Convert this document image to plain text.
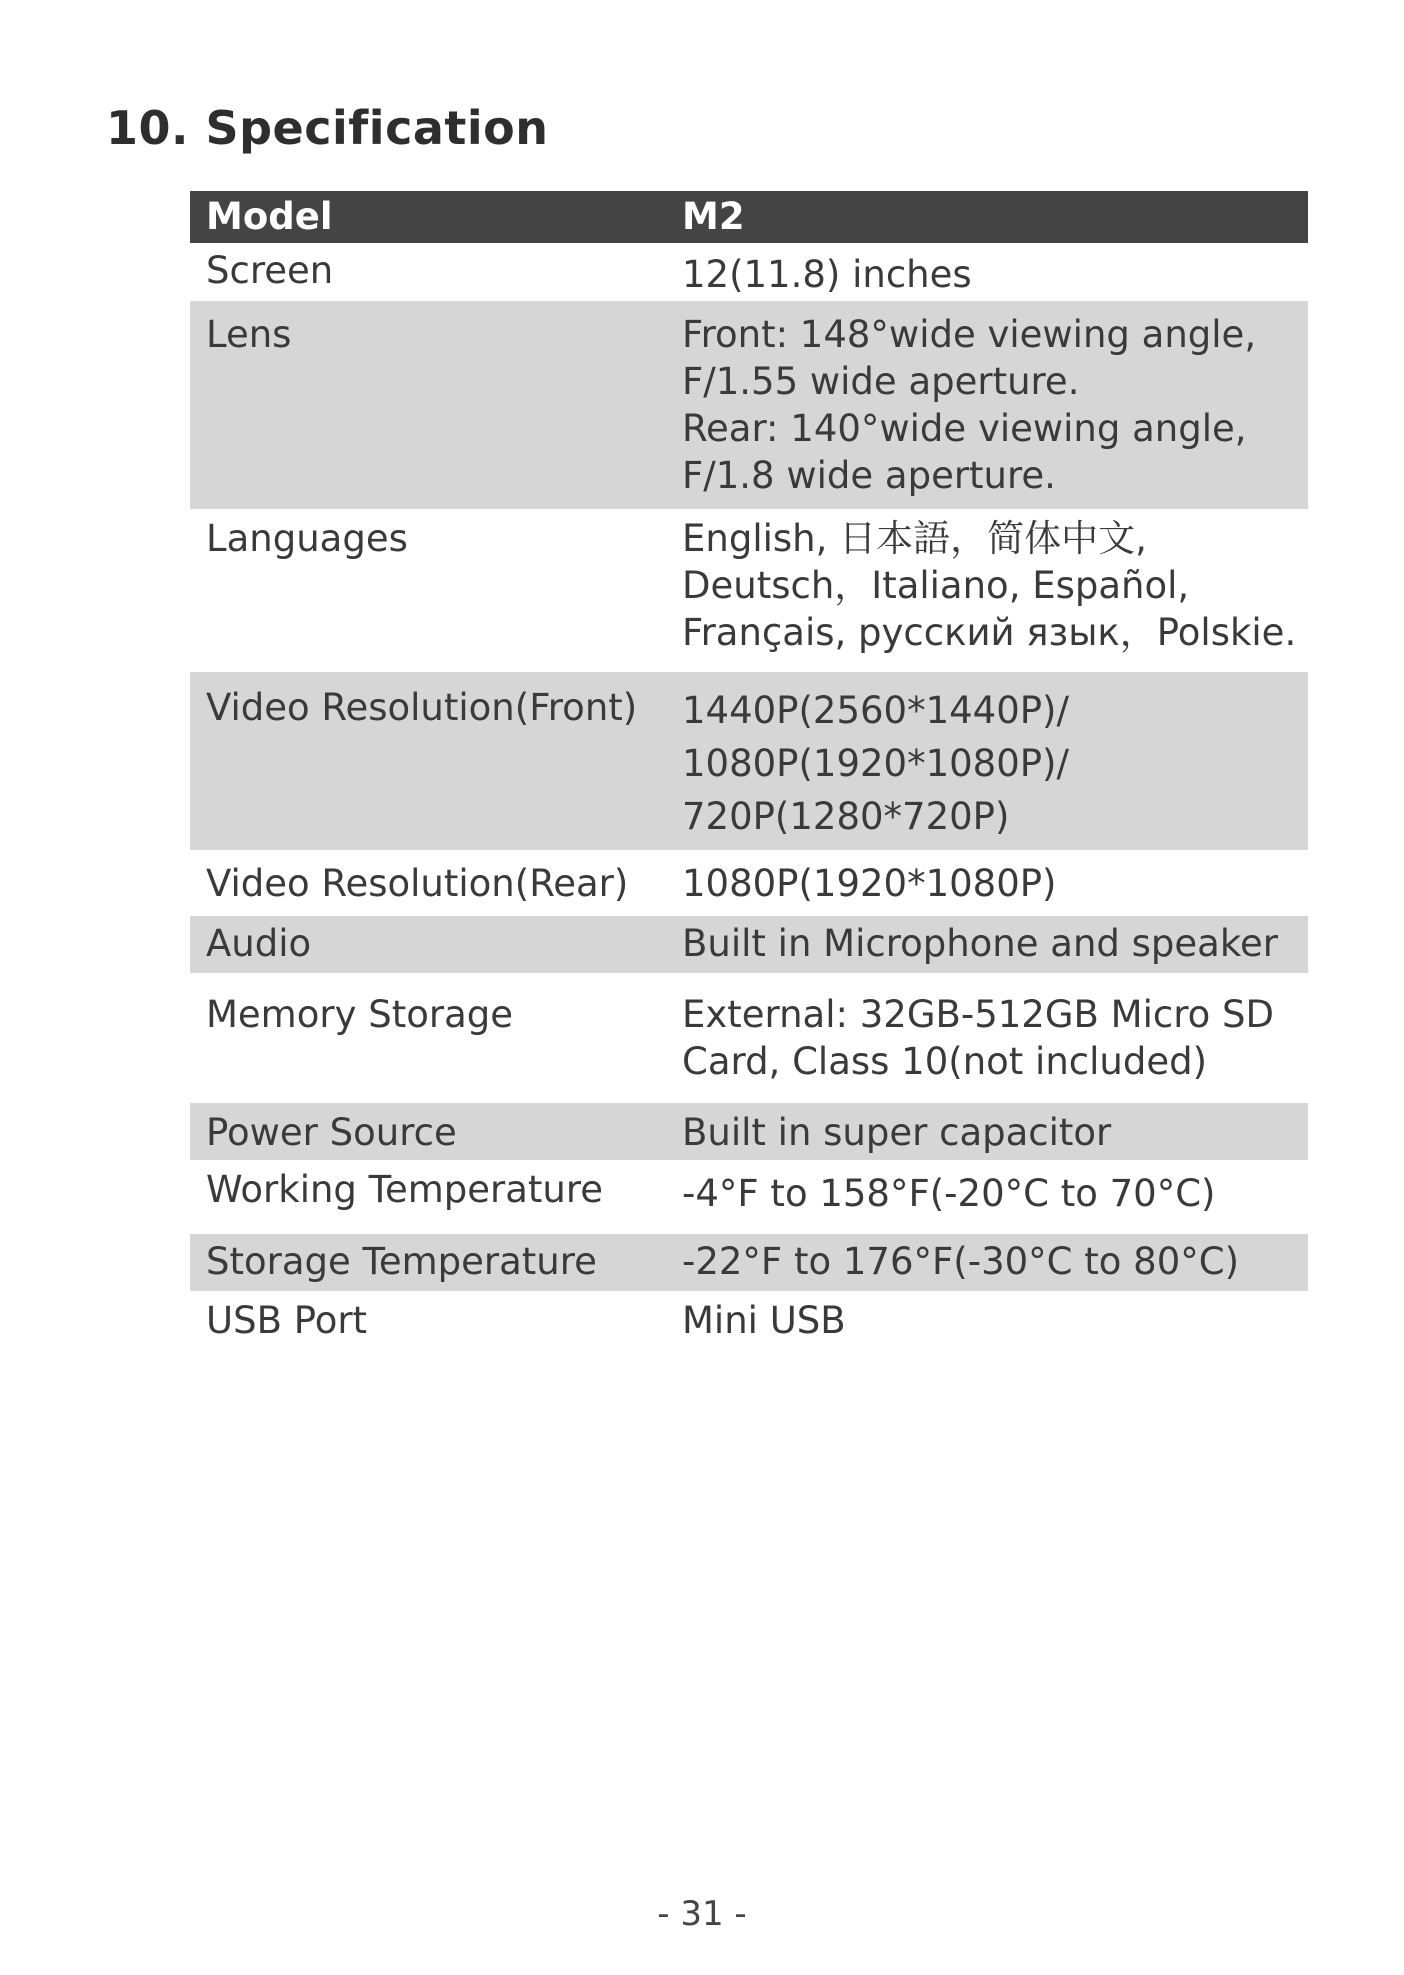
10. Specification
Model	M2
Screen	12(11.8) inches

Lens	Front: 148°wide viewing angle,
F/1.55 wide aperture.
Rear: 140°wide viewing angle,
F/1.8 wide aperture.

Languages	English, 日本語，简体中文,
Deutsch，Italiano, Español,
Français, русский язык，Polskie.

Video Resolution(Front)	1440P(2560*1440P)/
1080P(1920*1080P)/
720P(1280*720P)

Video Resolution(Rear)	1080P(1920*1080P)

Audio	Built in Microphone and speaker

Memory Storage	External: 32GB-512GB Micro SD
Card, Class 10(not included)

Power Source	Built in super capacitor

Working Temperature	-4°F to 158°F(-20°C to 70°C)

Storage Temperature	-22°F to 176°F(-30°C to 80°C)

USB Port	Mini USB
- 31 -
